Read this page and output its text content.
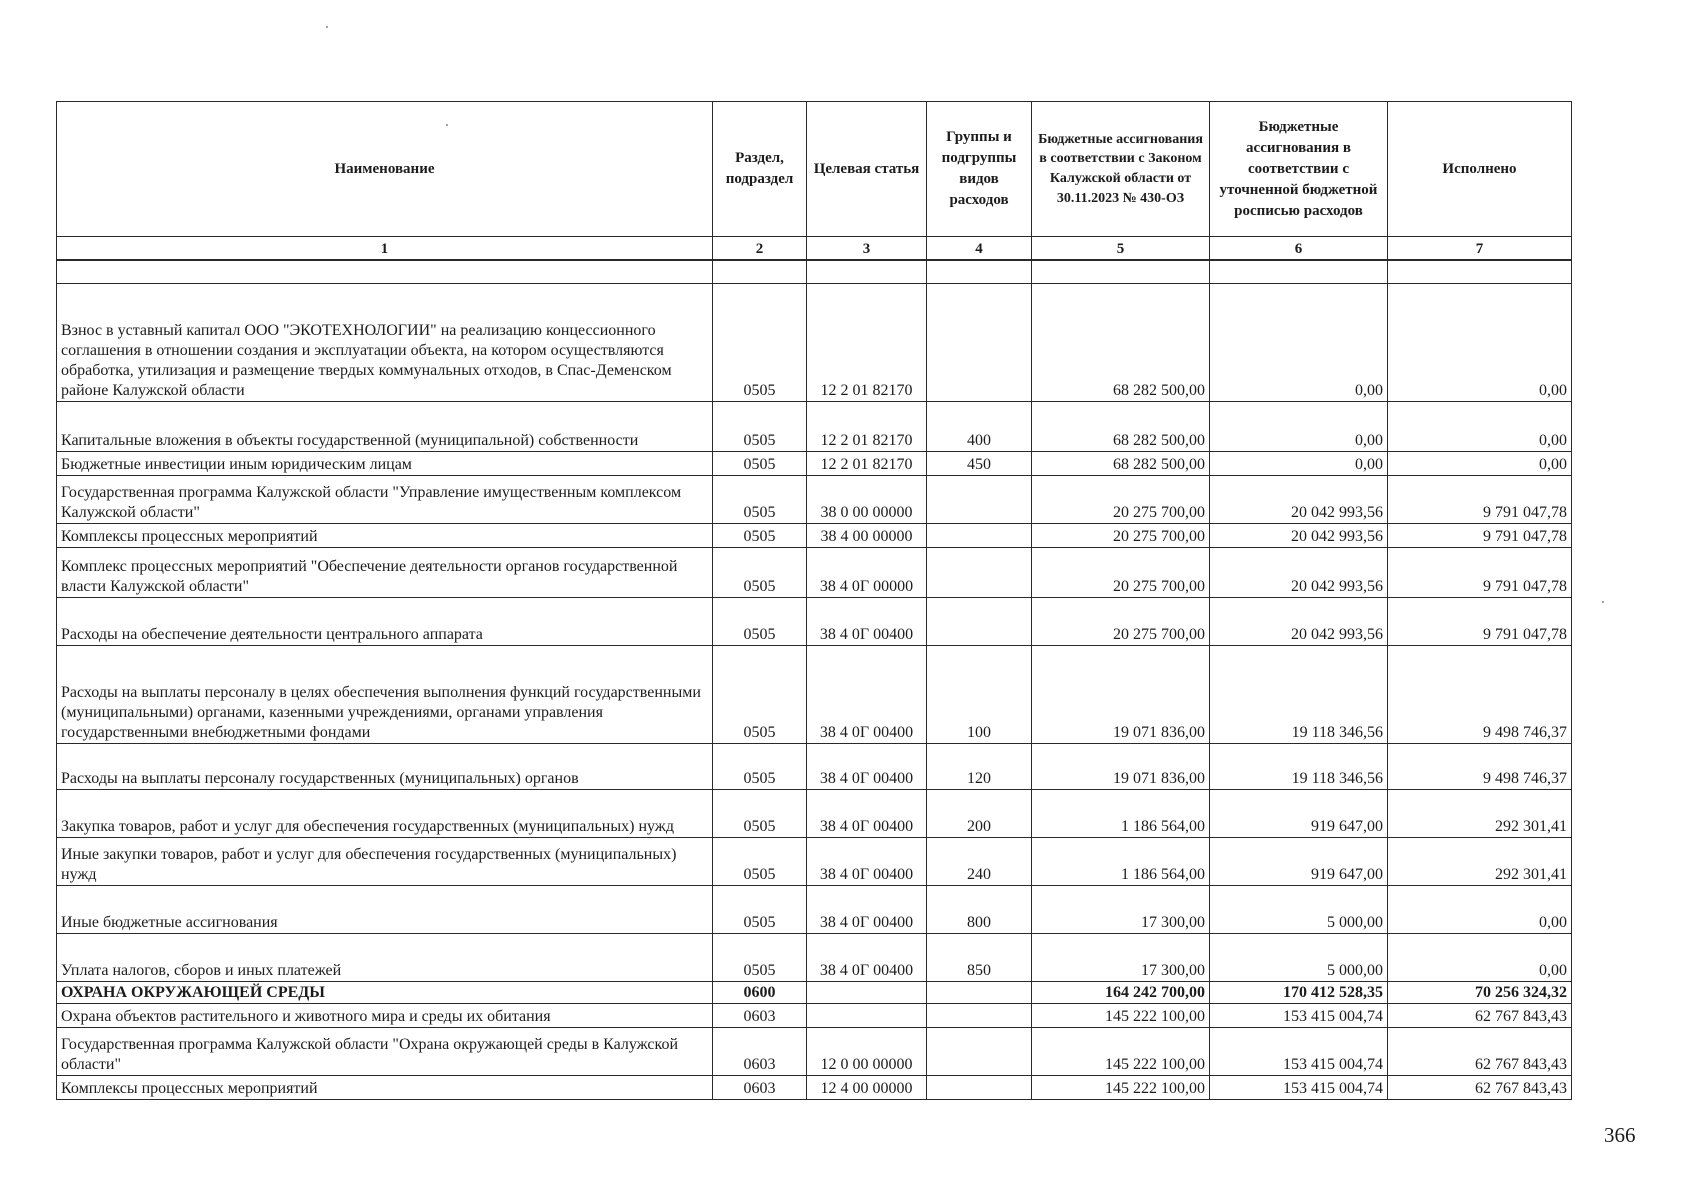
Наименование	Раздел, подраздел	Целевая статья	Группы и подгруппы видов расходов	Бюджетные ассигнования в соответствии с Законом Калужской области от 30.11.2023 № 430-ОЗ	Бюджетные ассигнования в соответствии с уточненной бюджетной росписью расходов	Исполнено
1	2	3	4	5	6	7

Взнос в уставный капитал ООО "ЭКОТЕХНОЛОГИИ" на реализацию концессионного соглашения в отношении создания и эксплуатации объекта, на котором осуществляются обработка, утилизация и размещение твердых коммунальных отходов, в Спас-Деменском районе Калужской области	0505	12 2 01 82170		68 282 500,00	0,00	0,00
Капитальные вложения в объекты государственной (муниципальной) собственности	0505	12 2 01 82170	400	68 282 500,00	0,00	0,00
Бюджетные инвестиции иным юридическим лицам	0505	12 2 01 82170	450	68 282 500,00	0,00	0,00
Государственная программа Калужской области "Управление имущественным комплексом Калужской области"	0505	38 0 00 00000		20 275 700,00	20 042 993,56	9 791 047,78
Комплексы процессных мероприятий	0505	38 4 00 00000		20 275 700,00	20 042 993,56	9 791 047,78
Комплекс процессных мероприятий "Обеспечение деятельности органов государственной власти Калужской области"	0505	38 4 0Г 00000		20 275 700,00	20 042 993,56	9 791 047,78
Расходы на обеспечение деятельности центрального аппарата	0505	38 4 0Г 00400		20 275 700,00	20 042 993,56	9 791 047,78
Расходы на выплаты персоналу в целях обеспечения выполнения функций государственными (муниципальными) органами, казенными учреждениями, органами управления государственными внебюджетными фондами	0505	38 4 0Г 00400	100	19 071 836,00	19 118 346,56	9 498 746,37
Расходы на выплаты персоналу государственных (муниципальных) органов	0505	38 4 0Г 00400	120	19 071 836,00	19 118 346,56	9 498 746,37
Закупка товаров, работ и услуг для обеспечения государственных (муниципальных) нужд	0505	38 4 0Г 00400	200	1 186 564,00	919 647,00	292 301,41
Иные закупки товаров, работ и услуг для обеспечения государственных (муниципальных) нужд	0505	38 4 0Г 00400	240	1 186 564,00	919 647,00	292 301,41
Иные бюджетные ассигнования	0505	38 4 0Г 00400	800	17 300,00	5 000,00	0,00
Уплата налогов, сборов и иных платежей	0505	38 4 0Г 00400	850	17 300,00	5 000,00	0,00
ОХРАНА ОКРУЖАЮЩЕЙ СРЕДЫ	0600			164 242 700,00	170 412 528,35	70 256 324,32
Охрана объектов растительного и животного мира и среды их обитания	0603			145 222 100,00	153 415 004,74	62 767 843,43
Государственная программа Калужской области "Охрана окружающей среды в Калужской области"	0603	12 0 00 00000		145 222 100,00	153 415 004,74	62 767 843,43
Комплексы процессных мероприятий	0603	12 4 00 00000		145 222 100,00	153 415 004,74	62 767 843,43
366
